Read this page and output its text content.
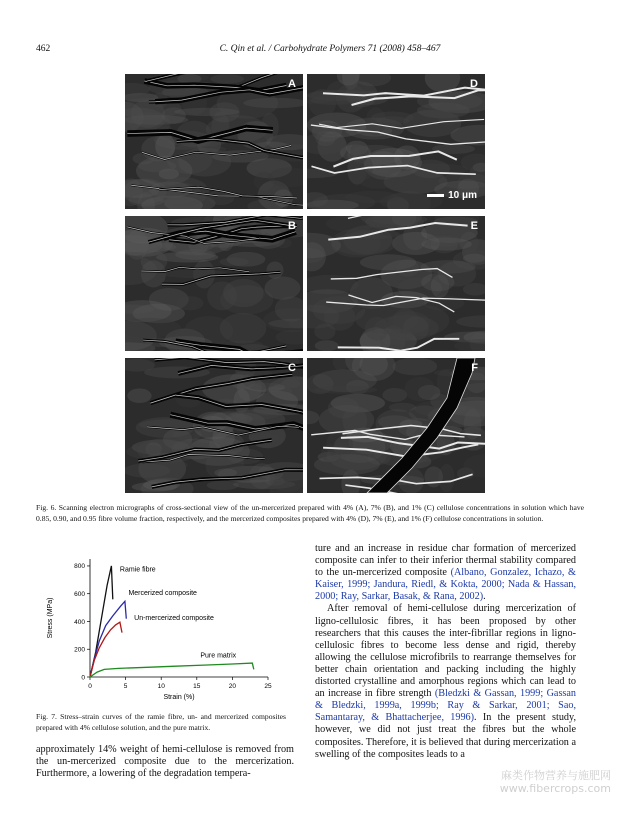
462	C. Qin et al. / Carbohydrate Polymers 71 (2008) 458–467
A	D
10 μm
B	E
C	F
Fig. 6. Scanning electron micrographs of cross-sectional view of the un-mercerized prepared with 4% (A), 7% (B), and 1% (C) cellulose concentrations in solution which have 0.85, 0.90, and 0.95 fibre volume fraction, respectively, and the mercerized composites prepared with 4% (D), 7% (E), and 1% (F) cellulose concentrations in solution.
0	5	10	15	20	25
0
200
400
600
800
Strain (%)
Stress (MPa)
Ramie fibre
Mercerized composite
Un-mercerized composite
Pure matrix
Fig. 7. Stress–strain curves of the ramie fibre, un- and mercerized composites prepared with 4% cellulose solution, and the pure matrix.

approximately 14% weight of hemi-cellulose is removed from the un-mercerized composite due to the mercerization. Furthermore, a lowering of the degradation tempera-

ture and an increase in residue char formation of mercerized composite can infer to their inferior thermal stability compared to the un-mercerized composite (Albano, Gonzalez, Ichazo, & Kaiser, 1999; Jandura, Riedl, & Kokta, 2000; Nada & Hassan, 2000; Ray, Sarkar, Basak, & Rana, 2002).

After removal of hemi-cellulose during mercerization of ligno-cellulosic fibres, it has been proposed by other researchers that this causes the inter-fibrillar regions in ligno-cellulosic fibres to become less dense and rigid, thereby allowing the cellulose microfibrils to rearrange themselves for better chain orientation and packing including the highly distorted crystalline and amorphous regions which can lead to an increase in fibre strength (Bledzki & Gassan, 1999; Gassan & Bledzki, 1999a, 1999b; Ray & Sarkar, 2001; Sao, Samantaray, & Bhattacherjee, 1996). In the present study, however, we did not just treat the fibres but the whole composites. Therefore, it is believed that during mercerization a swelling of the composites leads to a

麻类作物营养与施肥网
www.fibercrops.com
